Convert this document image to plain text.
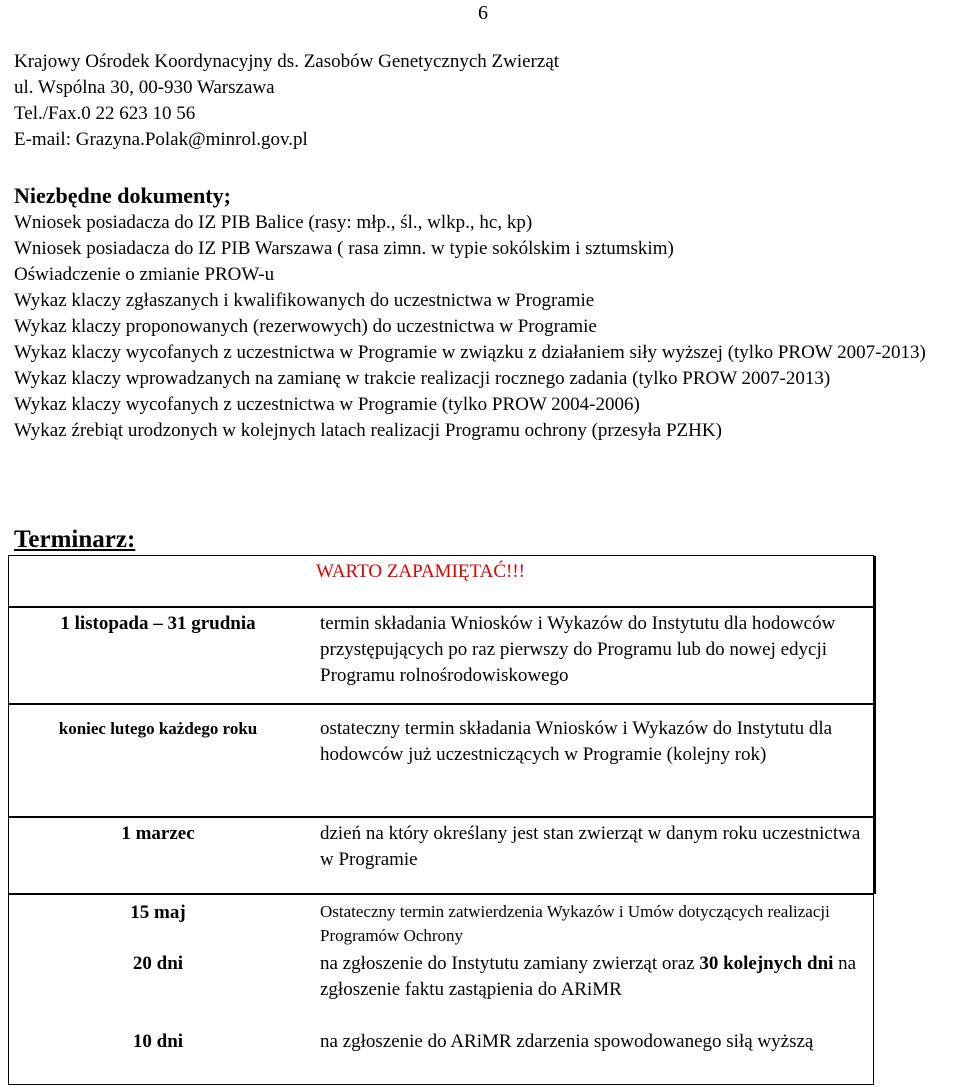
6
Krajowy Ośrodek Koordynacyjny ds. Zasobów Genetycznych Zwierząt
ul. Wspólna 30, 00-930 Warszawa
Tel./Fax.0 22 623 10 56
E-mail: Grazyna.Polak@minrol.gov.pl
Niezbędne dokumenty;
Wniosek posiadacza do IZ PIB Balice (rasy: młp., śl., wlkp., hc, kp)
Wniosek posiadacza do IZ PIB Warszawa ( rasa zimn. w typie sokólskim i sztumskim)
Oświadczenie o zmianie PROW-u
Wykaz klaczy zgłaszanych i kwalifikowanych do uczestnictwa w Programie
Wykaz klaczy proponowanych (rezerwowych) do uczestnictwa w Programie
Wykaz klaczy wycofanych z uczestnictwa w Programie w związku z działaniem siły wyższej (tylko PROW 2007-2013)
Wykaz klaczy wprowadzanych na zamianę w trakcie realizacji rocznego zadania (tylko PROW 2007-2013)
Wykaz klaczy wycofanych z uczestnictwa w Programie (tylko PROW 2004-2006)
Wykaz źrebiąt urodzonych w kolejnych latach realizacji Programu ochrony (przesyła PZHK)
Terminarz:
WARTO ZAPAMIĘTAĆ!!!
1 listopada – 31 grudnia	termin składania Wniosków i Wykazów do Instytutu dla hodowców przystępujących po raz pierwszy do Programu lub do nowej edycji Programu rolnośrodowiskowego
koniec lutego każdego roku	ostateczny termin składania Wniosków i Wykazów do Instytutu dla hodowców już uczestniczących w Programie (kolejny rok)
1 marzec	dzień na który określany jest stan zwierząt w danym roku uczestnictwa w Programie
15 maj	Ostateczny termin zatwierdzenia Wykazów i Umów dotyczących realizacji Programów Ochrony
20 dni	na zgłoszenie do Instytutu zamiany zwierząt oraz 30 kolejnych dni na zgłoszenie faktu zastąpienia do ARiMR
10 dni	na zgłoszenie do ARiMR zdarzenia spowodowanego siłą wyższą
